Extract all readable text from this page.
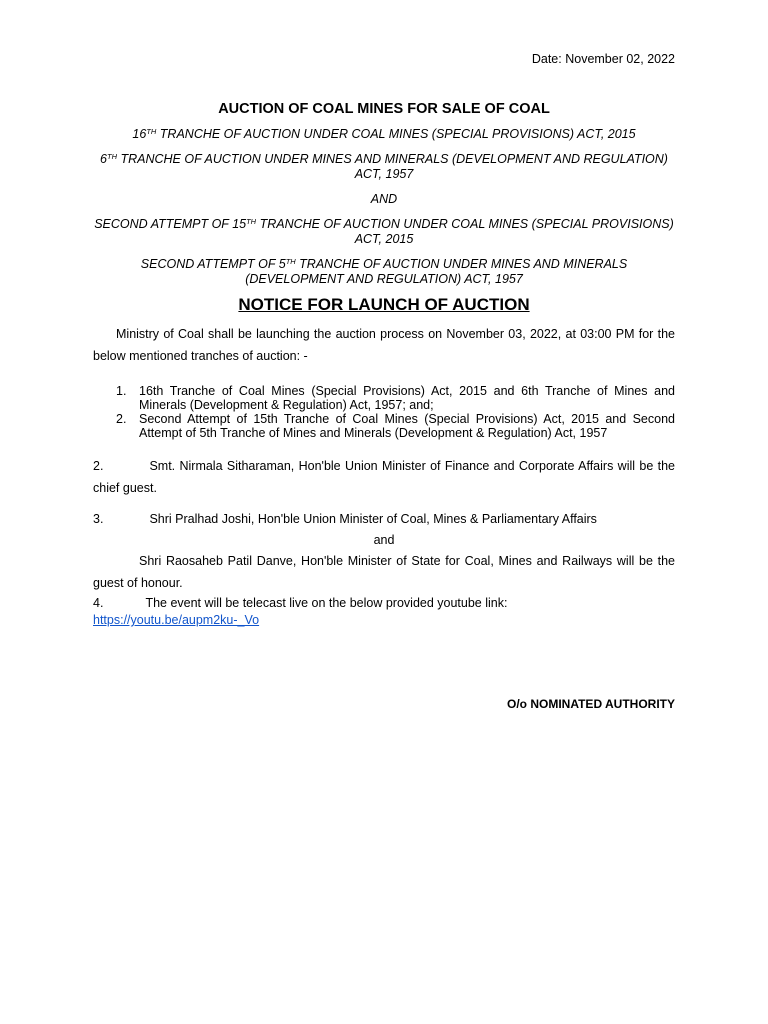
Date: November 02, 2022
AUCTION OF COAL MINES FOR SALE OF COAL
16TH TRANCHE OF AUCTION UNDER COAL MINES (SPECIAL PROVISIONS) ACT, 2015
6TH TRANCHE OF AUCTION UNDER MINES AND MINERALS (DEVELOPMENT AND REGULATION) ACT, 1957
AND
SECOND ATTEMPT OF 15TH TRANCHE OF AUCTION UNDER COAL MINES (SPECIAL PROVISIONS) ACT, 2015
SECOND ATTEMPT OF 5TH TRANCHE OF AUCTION UNDER MINES AND MINERALS (DEVELOPMENT AND REGULATION) ACT, 1957
NOTICE FOR LAUNCH OF AUCTION
Ministry of Coal shall be launching the auction process on November 03, 2022, at 03:00 PM for the below mentioned tranches of auction: -
1. 16th Tranche of Coal Mines (Special Provisions) Act, 2015 and 6th Tranche of Mines and Minerals (Development & Regulation) Act, 1957; and;
2. Second Attempt of 15th Tranche of Coal Mines (Special Provisions) Act, 2015 and Second Attempt of 5th Tranche of Mines and Minerals (Development & Regulation) Act, 1957
2.	Smt. Nirmala Sitharaman, Hon'ble Union Minister of Finance and Corporate Affairs will be the chief guest.
3.	Shri Pralhad Joshi, Hon'ble Union Minister of Coal, Mines & Parliamentary Affairs
and
Shri Raosaheb Patil Danve, Hon'ble Minister of State for Coal, Mines and Railways will be the guest of honour.
4.	The event will be telecast live on the below provided youtube link:
https://youtu.be/aupm2ku-_Vo
O/o NOMINATED AUTHORITY
